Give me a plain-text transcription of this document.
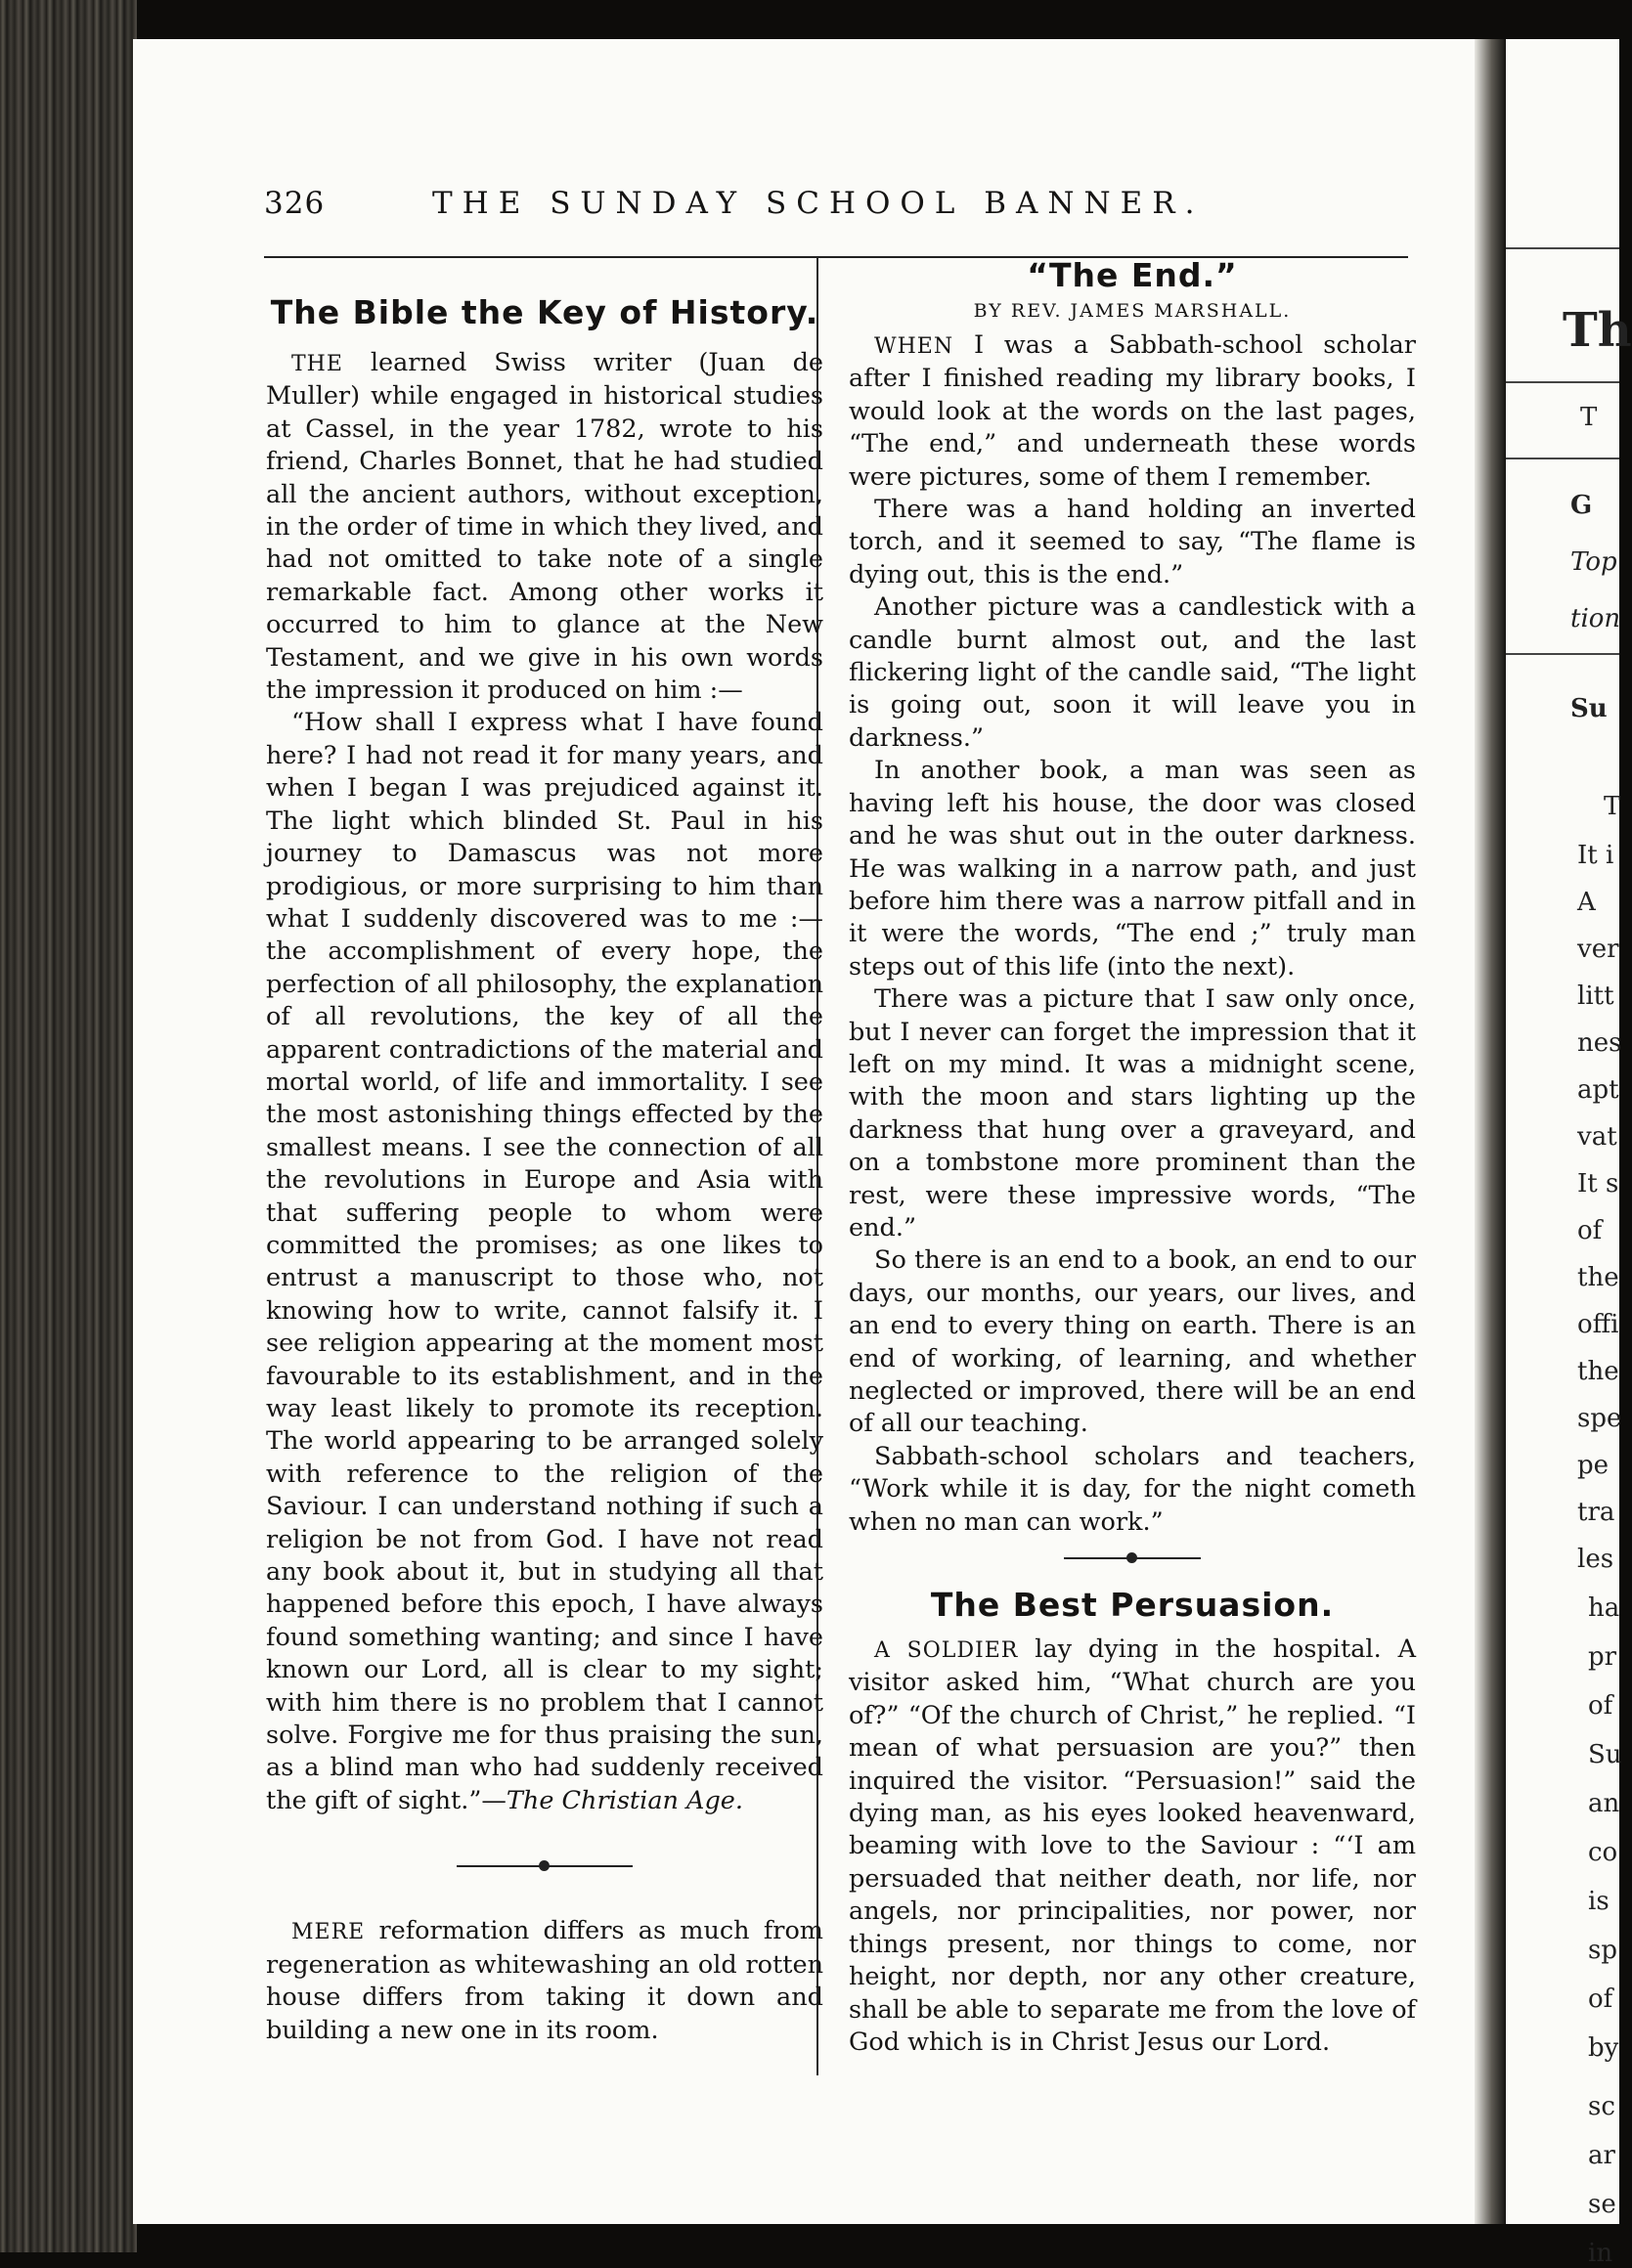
Th
T
G
Top
tion
Su
T
It i
A
ver
litt
nes
apt
vat
It s
of
the
offi
the
spe
pe
tra
les
ha
pr
of
Su
an
co
is
sp
of
by
sc
ar
se
in
326	THE SUNDAY SCHOOL BANNER.
The Bible the Key of History.

THE learned Swiss writer (Juan de Muller) while engaged in historical studies at Cassel, in the year 1782, wrote to his friend, Charles Bonnet, that he had studied all the ancient authors, without exception, in the order of time in which they lived, and had not omitted to take note of a single remarkable fact. Among other works it occurred to him to glance at the New Testament, and we give in his own words the impression it produced on him :—

“How shall I express what I have found here? I had not read it for many years, and when I began I was prejudiced against it. The light which blinded St. Paul in his journey to Damascus was not more prodigious, or more surprising to him than what I suddenly discovered was to me :—the accomplishment of every hope, the perfection of all philosophy, the explanation of all revolutions, the key of all the apparent contradictions of the material and mortal world, of life and immortality. I see the most astonishing things effected by the smallest means. I see the connection of all the revolutions in Europe and Asia with that suffering people to whom were committed the promises; as one likes to entrust a manuscript to those who, not knowing how to write, cannot falsify it. I see religion appearing at the moment most favourable to its establishment, and in the way least likely to promote its reception. The world appearing to be arranged solely with reference to the religion of the Saviour. I can understand nothing if such a religion be not from God. I have not read any book about it, but in studying all that happened before this epoch, I have always found something wanting; and since I have known our Lord, all is clear to my sight; with him there is no problem that I cannot solve. Forgive me for thus praising the sun, as a blind man who had suddenly received the gift of sight.”—The Christian Age.

MERE reformation differs as much from regeneration as whitewashing an old rotten house differs from taking it down and building a new one in its room.

“The End.”
BY REV. JAMES MARSHALL.

WHEN I was a Sabbath-school scholar after I finished reading my library books, I would look at the words on the last pages, “The end,” and underneath these words were pictures, some of them I remember.

There was a hand holding an inverted torch, and it seemed to say, “The flame is dying out, this is the end.”

Another picture was a candlestick with a candle burnt almost out, and the last flickering light of the candle said, “The light is going out, soon it will leave you in darkness.”

In another book, a man was seen as having left his house, the door was closed and he was shut out in the outer darkness. He was walking in a narrow path, and just before him there was a narrow pitfall and in it were the words, “The end ;” truly man steps out of this life (into the next).

There was a picture that I saw only once, but I never can forget the impression that it left on my mind. It was a midnight scene, with the moon and stars lighting up the darkness that hung over a graveyard, and on a tombstone more prominent than the rest, were these impressive words, “The end.”

So there is an end to a book, an end to our days, our months, our years, our lives, and an end to every thing on earth. There is an end of working, of learning, and whether neglected or improved, there will be an end of all our teaching.

Sabbath-school scholars and teachers, “Work while it is day, for the night cometh when no man can work.”

The Best Persuasion.

A SOLDIER lay dying in the hospital. A visitor asked him, “What church are you of?” “Of the church of Christ,” he replied. “I mean of what persuasion are you?” then inquired the visitor. “Persuasion!” said the dying man, as his eyes looked heavenward, beaming with love to the Saviour : “‘I am persuaded that neither death, nor life, nor angels, nor principalities, nor power, nor things present, nor things to come, nor height, nor depth, nor any other creature, shall be able to separate me from the love of God which is in Christ Jesus our Lord.
